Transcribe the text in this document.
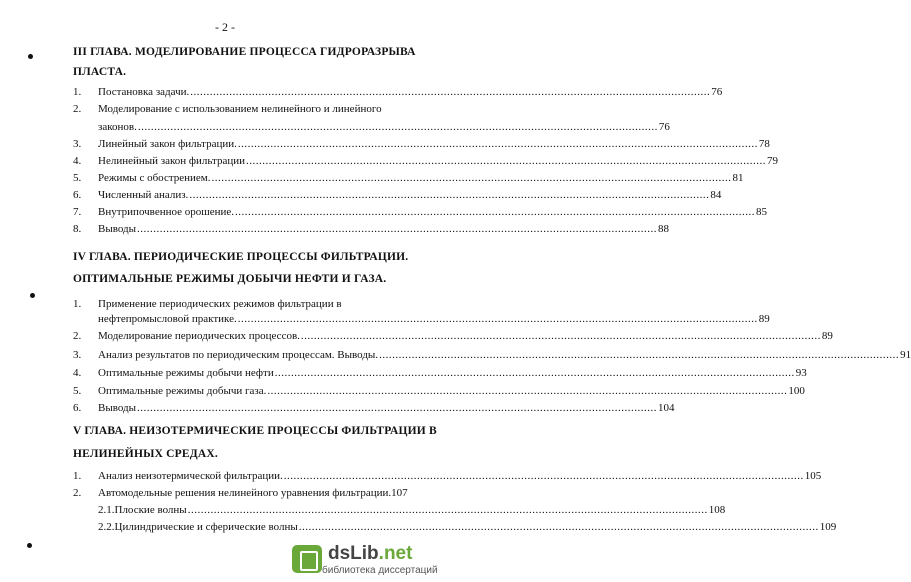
- 2 -
III ГЛАВА. МОДЕЛИРОВАНИЕ ПРОЦЕССА ГИДРОРАЗРЫВА
ПЛАСТА.
1.	Постановка задачи. .....	76
2. Моделирование с использованием нелинейного и линейного
законов. .....	76
3.	Линейный закон фильтрации. .....	78
4.	Нелинейный закон фильтрации .....	79
5.	Режимы с обострением. .....	81
6.	Численный анализ. .....	84
7.	Внутрипочвенное орошение. .....	85
8.	Выводы .....	88
IV ГЛАВА. ПЕРИОДИЧЕСКИЕ ПРОЦЕССЫ ФИЛЬТРАЦИИ.
ОПТИМАЛЬНЫЕ РЕЖИМЫ ДОБЫЧИ НЕФТИ И ГАЗА.
1. Применение периодических режимов фильтрации в
нефтепромысловой практике. .....	89
2.	Моделирование периодических процессов. .....	89
3.	Анализ результатов по периодическим процессам. Выводы. .....	91
4.	Оптимальные режимы добычи нефти .....	93
5.	Оптимальные режимы добычи газа. .....	100
6.	Выводы .....	104
V ГЛАВА. НЕИЗОТЕРМИЧЕСКИЕ ПРОЦЕССЫ ФИЛЬТРАЦИИ В
НЕЛИНЕЙНЫХ СРЕДАХ.
1.	Анализ неизотермической фильтрации. .....	105
2.	Автомодельные решения нелинейного уравнения фильтрации. 107
2.1.Плоские волны .....	108
2.2.Цилиндрические и сферические волны .....	109
dsLib.net
библиотека диссертаций
